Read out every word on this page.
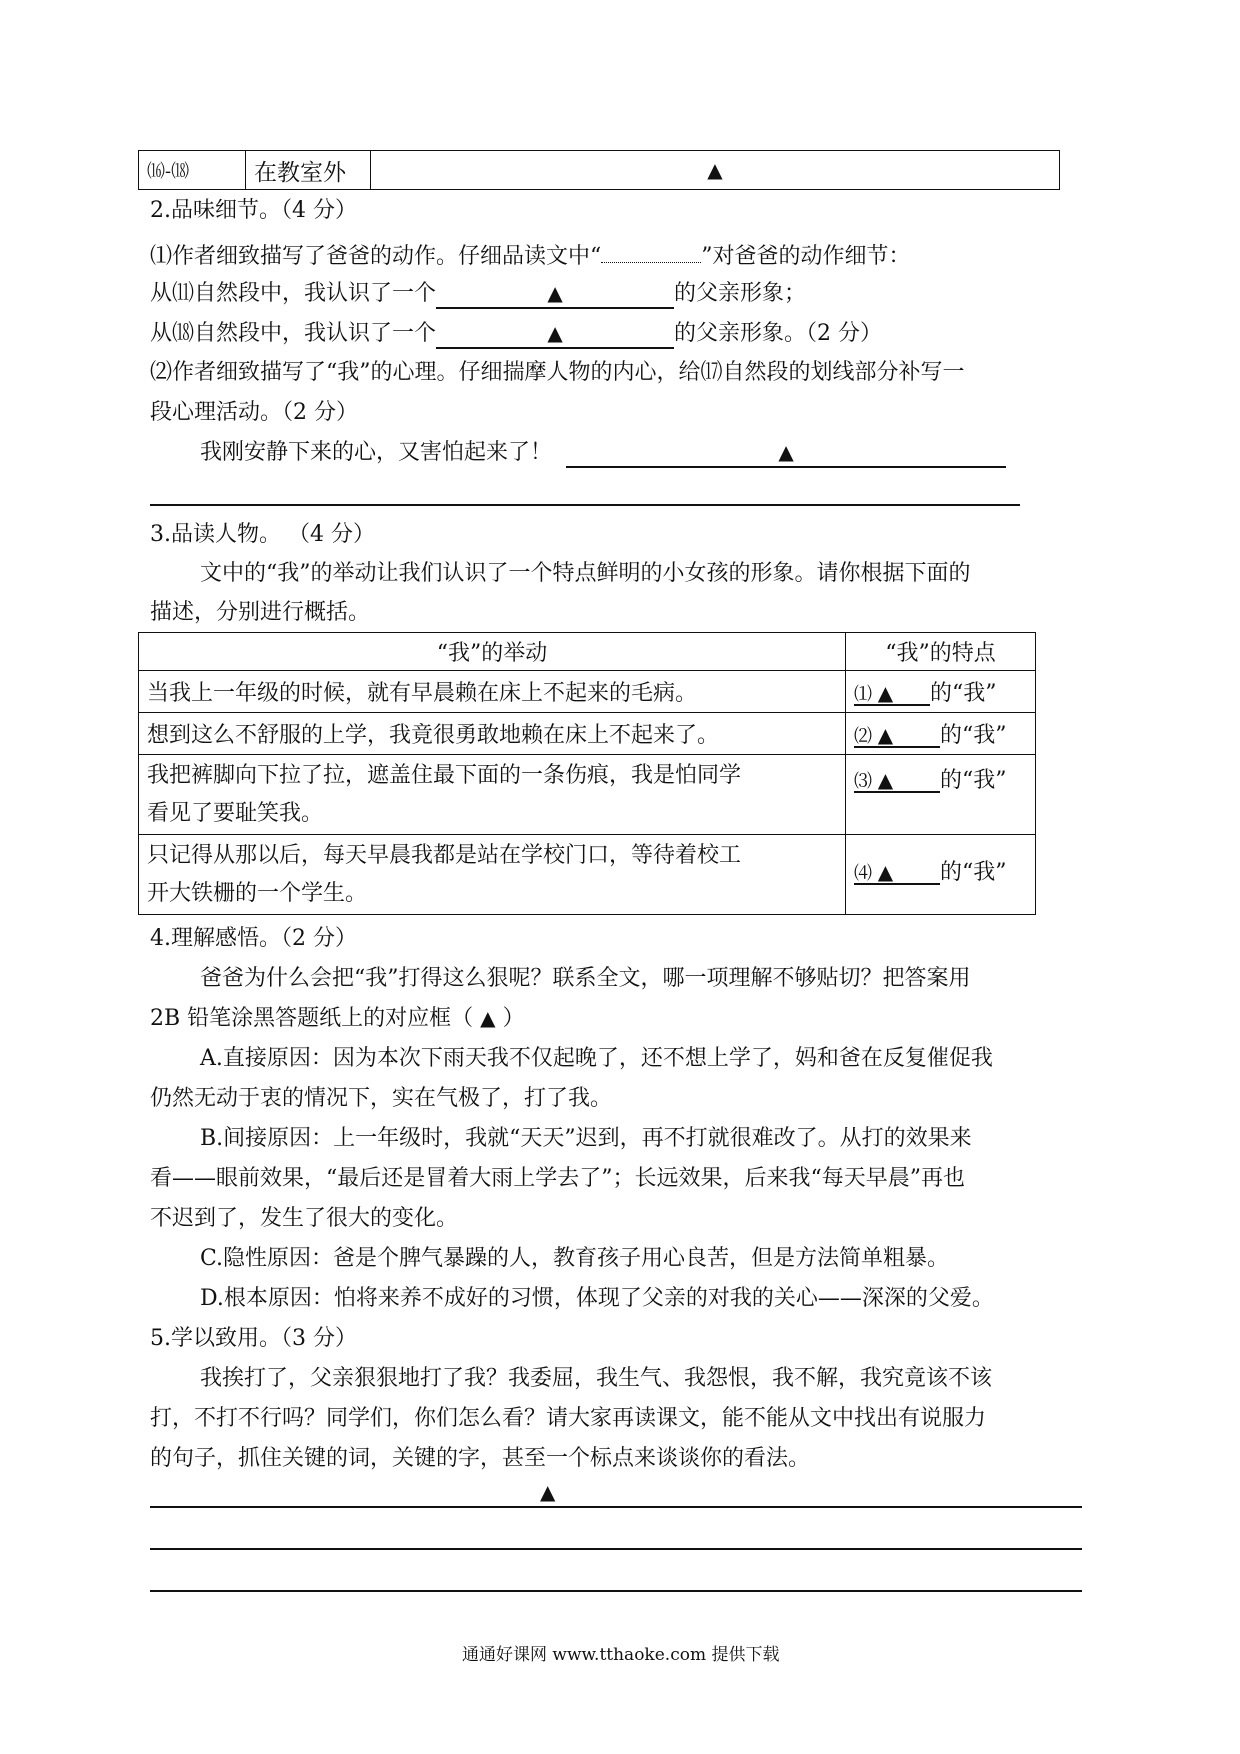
⒃-⒅	在教室外	▲
2.品味细节。（4 分）
⑴作者细致描写了爸爸的动作。仔细品读文中“	”对爸爸的动作细节：
从⑾自然段中，我认识了一个	▲	的父亲形象；
从⒅自然段中，我认识了一个	▲	的父亲形象。（2 分）
⑵作者细致描写了“我”的心理。仔细揣摩人物的内心，给⒄自然段的划线部分补写一
段心理活动。（2 分）
我刚安静下来的心，又害怕起来了！	▲
3.品读人物。 （4 分）
文中的“我”的举动让我们认识了一个特点鲜明的小女孩的形象。请你根据下面的
描述，分别进行概括。
“我”的举动	“我”的特点
当我上一年级的时候，就有早晨赖在床上不起来的毛病。	⑴ ▲ 的“我”
想到这么不舒服的上学，我竟很勇敢地赖在床上不起来了。	⑵ ▲ 的“我”
我把裤脚向下拉了拉，遮盖住最下面的一条伤痕，我是怕同学
看见了要耻笑我。	⑶ ▲ 的“我”
只记得从那以后，每天早晨我都是站在学校门口，等待着校工
开大铁栅的一个学生。	⑷ ▲ 的“我”
4.理解感悟。（2 分）
爸爸为什么会把“我”打得这么狠呢？联系全文，哪一项理解不够贴切？把答案用
2B 铅笔涂黑答题纸上的对应框（ ▲ ）
A.直接原因：因为本次下雨天我不仅起晚了，还不想上学了，妈和爸在反复催促我
仍然无动于衷的情况下，实在气极了，打了我。
B.间接原因：上一年级时，我就“天天”迟到，再不打就很难改了。从打的效果来
看——眼前效果，“最后还是冒着大雨上学去了”；长远效果，后来我“每天早晨”再也
不迟到了，发生了很大的变化。
C.隐性原因：爸是个脾气暴躁的人，教育孩子用心良苦，但是方法简单粗暴。
D.根本原因：怕将来养不成好的习惯，体现了父亲的对我的关心——深深的父爱。
5.学以致用。（3 分）
我挨打了，父亲狠狠地打了我？我委屈，我生气、我怨恨，我不解，我究竟该不该
打，不打不行吗？同学们，你们怎么看？请大家再读课文，能不能从文中找出有说服力
的句子，抓住关键的词，关键的字，甚至一个标点来谈谈你的看法。
▲
通通好课网 www.tthaoke.com 提供下载
